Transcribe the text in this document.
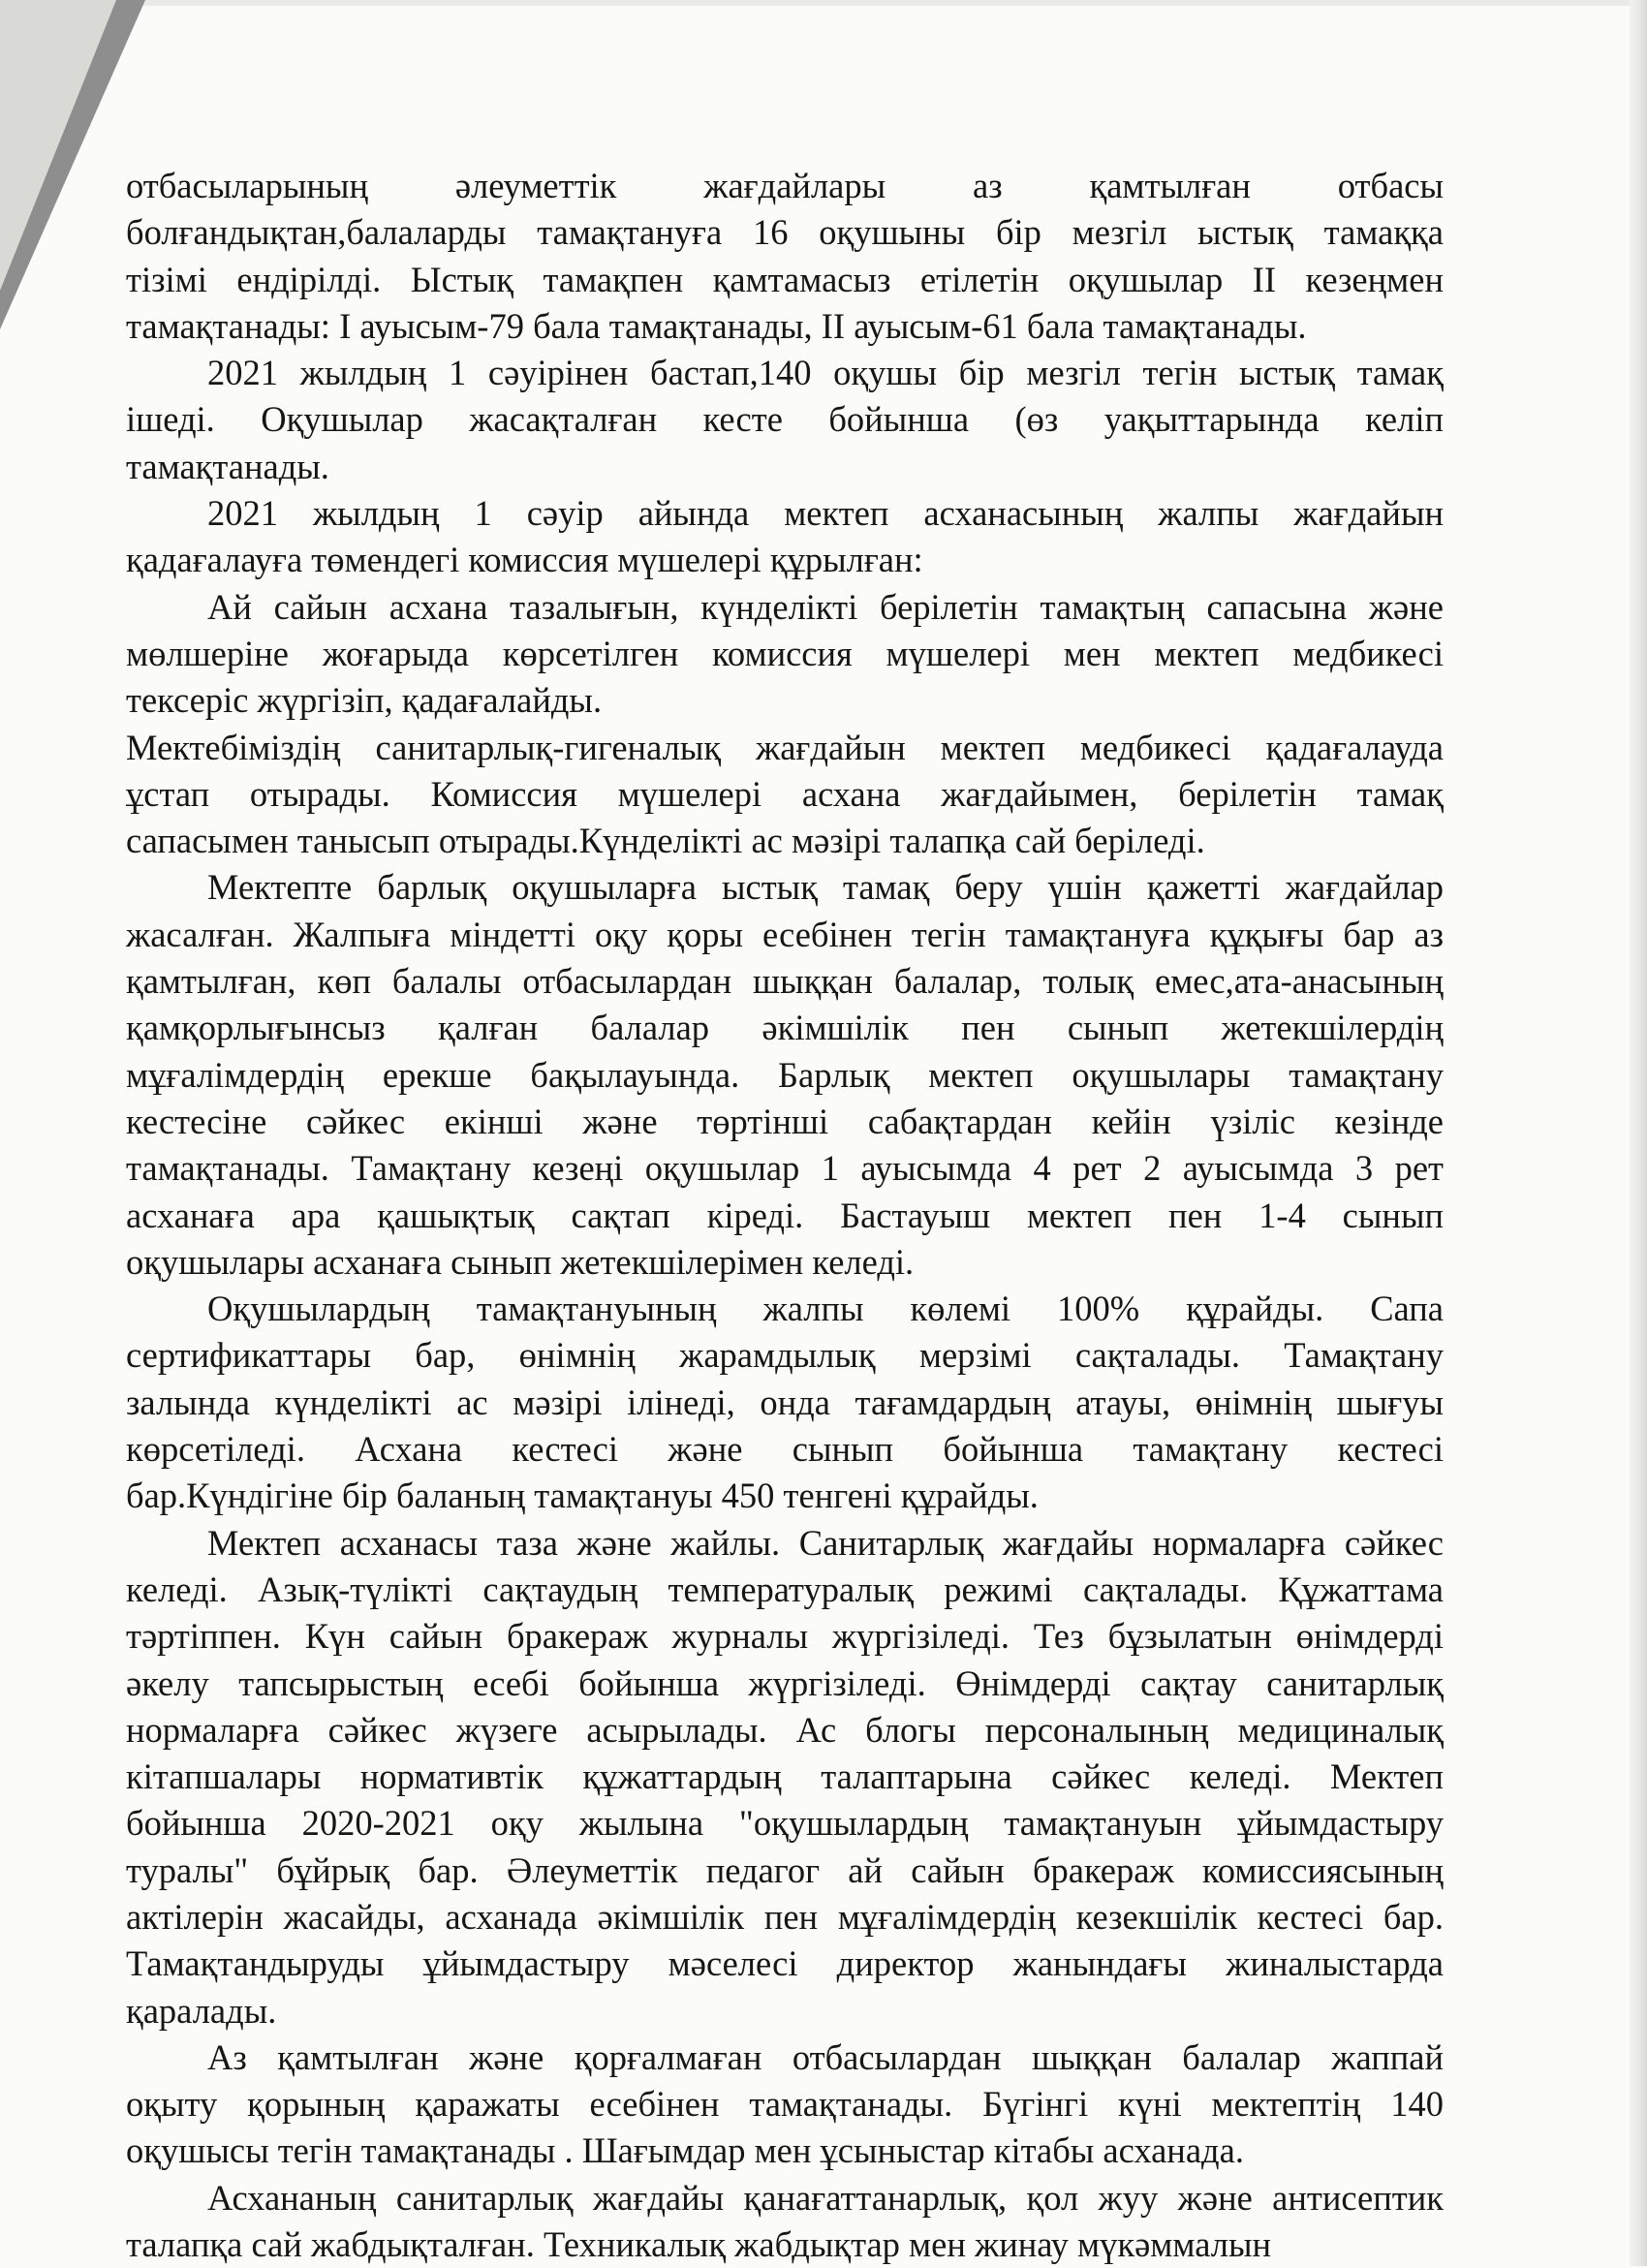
отбасыларының әлеуметтік жағдайлары аз қамтылған отбасы
болғандықтан,балаларды тамақтануға 16 оқушыны бір мезгіл ыстық тамаққа
тізімі ендірілді. Ыстық тамақпен қамтамасыз етілетін оқушылар II кезеңмен
тамақтанады: I ауысым-79 бала тамақтанады, II ауысым-61 бала тамақтанады.

2021 жылдың 1 сәуірінен бастап,140 оқушы бір мезгіл тегін ыстық тамақ
ішеді. Оқушылар жасақталған кесте бойынша (өз уақыттарында келіп
тамақтанады.

2021 жылдың 1 сәуір айында мектеп асханасының жалпы жағдайын
қадағалауға төмендегі комиссия мүшелері құрылған:

Ай сайын асхана тазалығын, күнделікті берілетін тамақтың сапасына және
мөлшеріне жоғарыда көрсетілген комиссия мүшелері мен мектеп медбикесі
тексеріс жүргізіп, қадағалайды.

Мектебіміздің санитарлық-гигеналық жағдайын мектеп медбикесі қадағалауда
ұстап отырады. Комиссия мүшелері асхана жағдайымен, берілетін тамақ
сапасымен танысып отырады.Күнделікті ас мәзірі талапқа сай беріледі.

Мектепте барлық оқушыларға ыстық тамақ беру үшін қажетті жағдайлар
жасалған. Жалпыға міндетті оқу қоры есебінен тегін тамақтануға құқығы бар аз
қамтылған, көп балалы отбасылардан шыққан балалар, толық емес,ата-анасының
қамқорлығынсыз қалған балалар әкімшілік пен сынып жетекшілердің
мұғалімдердің ерекше бақылауында. Барлық мектеп оқушылары тамақтану
кестесіне сәйкес екінші және төртінші сабақтардан кейін үзіліс кезінде
тамақтанады. Тамақтану кезеңі оқушылар 1 ауысымда 4 рет 2 ауысымда 3 рет
асханаға ара қашықтық сақтап кіреді. Бастауыш мектеп пен 1-4 сынып
оқушылары асханаға сынып жетекшілерімен келеді.

Оқушылардың тамақтануының жалпы көлемі 100% құрайды. Сапа
сертификаттары бар, өнімнің жарамдылық мерзімі сақталады. Тамақтану
залында күнделікті ас мәзірі ілінеді, онда тағамдардың атауы, өнімнің шығуы
көрсетіледі. Асхана кестесі және сынып бойынша тамақтану кестесі
бар.Күндігіне бір баланың тамақтануы 450 тенгені құрайды.

Мектеп асханасы таза және жайлы. Санитарлық жағдайы нормаларға сәйкес
келеді. Азық-түлікті сақтаудың температуралық режимі сақталады. Құжаттама
тәртіппен. Күн сайын бракераж журналы жүргізіледі. Тез бұзылатын өнімдерді
әкелу тапсырыстың есебі бойынша жүргізіледі. Өнімдерді сақтау санитарлық
нормаларға сәйкес жүзеге асырылады. Ас блогы персоналының медициналық
кітапшалары нормативтік құжаттардың талаптарына сәйкес келеді. Мектеп
бойынша 2020-2021 оқу жылына "оқушылардың тамақтануын ұйымдастыру
туралы" бұйрық бар. Әлеуметтік педагог ай сайын бракераж комиссиясының
актілерін жасайды, асханада әкімшілік пен мұғалімдердің кезекшілік кестесі бар.
Тамақтандыруды ұйымдастыру мәселесі директор жанындағы жиналыстарда
қаралады.

Аз қамтылған және қорғалмаған отбасылардан шыққан балалар жаппай
оқыту қорының қаражаты есебінен тамақтанады. Бүгінгі күні мектептің 140
оқушысы тегін тамақтанады . Шағымдар мен ұсыныстар кітабы асханада.

Асхананың санитарлық жағдайы қанағаттанарлық, қол жуу және антисептик
талапқа сай жабдықталған. Техникалық жабдықтар мен жинау мүкәммалын
